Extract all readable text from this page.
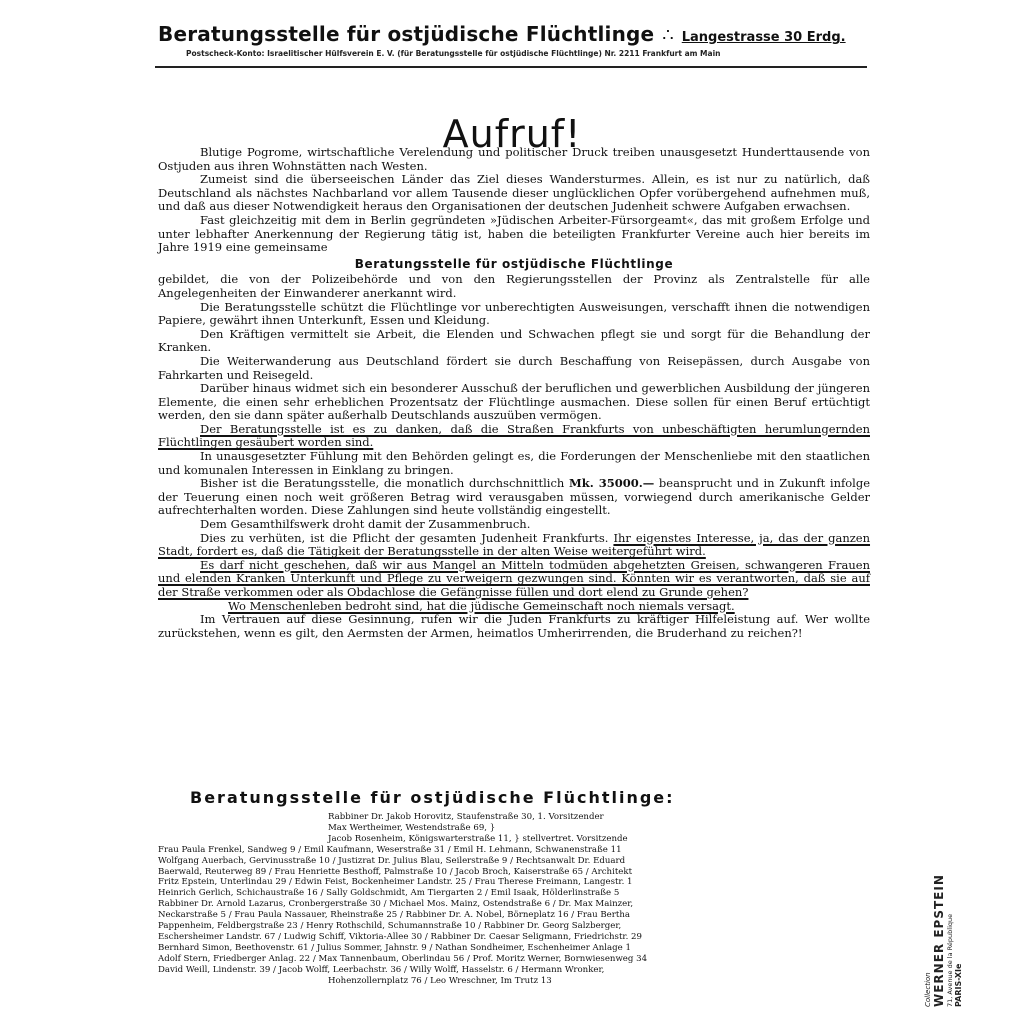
Beratungsstelle für ostjüdische Flüchtlinge ∴ Langestrasse 30 Erdg.
Postscheck-Konto: Israelitischer Hülfsverein E. V. (für Beratungsstelle für ostjüdische Flüchtlinge) Nr. 2211 Frankfurt am Main
Aufruf!

Blutige Pogrome, wirtschaftliche Verelendung und politischer Druck treiben unausgesetzt Hunderttausende von Ostjuden aus ihren Wohnstätten nach Westen.

Zumeist sind die überseeischen Länder das Ziel dieses Wandersturmes. Allein, es ist nur zu natürlich, daß Deutschland als nächstes Nachbarland vor allem Tausende dieser unglücklichen Opfer vorübergehend aufnehmen muß, und daß aus dieser Notwendigkeit heraus den Organisationen der deutschen Judenheit schwere Aufgaben erwachsen.

Fast gleichzeitig mit dem in Berlin gegründeten »Jüdischen Arbeiter-Fürsorgeamt«, das mit großem Erfolge und unter lebhafter Anerkennung der Regierung tätig ist, haben die beteiligten Frankfurter Vereine auch hier bereits im Jahre 1919 eine gemeinsame

Beratungsstelle für ostjüdische Flüchtlinge

gebildet, die von der Polizeibehörde und von den Regierungsstellen der Provinz als Zentralstelle für alle Angelegenheiten der Einwanderer anerkannt wird.

Die Beratungsstelle schützt die Flüchtlinge vor unberechtigten Ausweisungen, verschafft ihnen die notwendigen Papiere, gewährt ihnen Unterkunft, Essen und Kleidung.

Den Kräftigen vermittelt sie Arbeit, die Elenden und Schwachen pflegt sie und sorgt für die Behandlung der Kranken.

Die Weiterwanderung aus Deutschland fördert sie durch Beschaffung von Reisepässen, durch Ausgabe von Fahrkarten und Reisegeld.

Darüber hinaus widmet sich ein besonderer Ausschuß der beruflichen und gewerblichen Ausbildung der jüngeren Elemente, die einen sehr erheblichen Prozentsatz der Flüchtlinge ausmachen. Diese sollen für einen Beruf ertüchtigt werden, den sie dann später außerhalb Deutschlands auszuüben vermögen.

Der Beratungsstelle ist es zu danken, daß die Straßen Frankfurts von unbeschäftigten herumlungernden Flüchtlingen gesäubert worden sind.

In unausgesetzter Fühlung mit den Behörden gelingt es, die Forderungen der Menschenliebe mit den staatlichen und komunalen Interessen in Einklang zu bringen.

Bisher ist die Beratungsstelle, die monatlich durchschnittlich Mk. 35000.— beansprucht und in Zukunft infolge der Teuerung einen noch weit größeren Betrag wird verausgaben müssen, vorwiegend durch amerikanische Gelder aufrechterhalten worden. Diese Zahlungen sind heute vollständig eingestellt.

Dem Gesamthilfswerk droht damit der Zusammenbruch.

Dies zu verhüten, ist die Pflicht der gesamten Judenheit Frankfurts. Ihr eigenstes Interesse, ja, das der ganzen Stadt, fordert es, daß die Tätigkeit der Beratungsstelle in der alten Weise weitergeführt wird.

Es darf nicht geschehen, daß wir aus Mangel an Mitteln todmüden abgehetzten Greisen, schwangeren Frauen und elenden Kranken Unterkunft und Pflege zu verweigern gezwungen sind. Könnten wir es verantworten, daß sie auf der Straße verkommen oder als Obdachlose die Gefängnisse füllen und dort elend zu Grunde gehen?

Wo Menschenleben bedroht sind, hat die jüdische Gemeinschaft noch niemals versagt.

Im Vertrauen auf diese Gesinnung, rufen wir die Juden Frankfurts zu kräftiger Hilfeleistung auf. Wer wollte zurückstehen, wenn es gilt, den Aermsten der Armen, heimatlos Umherirrenden, die Bruderhand zu reichen?!

Beratungsstelle für ostjüdische Flüchtlinge:
Rabbiner Dr. Jakob Horovitz, Staufenstraße 30, 1. Vorsitzender
Max Wertheimer, Westendstraße 69, }
Jacob Rosenheim, Königswarterstraße 11, } stellvertret. Vorsitzende
Frau Paula Frenkel, Sandweg 9 / Emil Kaufmann, Weserstraße 31 / Emil H. Lehmann, Schwanenstraße 11
Wolfgang Auerbach, Gervinusstraße 10 / Justizrat Dr. Julius Blau, Seilerstraße 9 / Rechtsanwalt Dr. Eduard
Baerwald, Reuterweg 89 / Frau Henriette Besthoff, Palmstraße 10 / Jacob Broch, Kaiserstraße 65 / Architekt
Fritz Epstein, Unterlindau 29 / Edwin Feist, Bockenheimer Landstr. 25 / Frau Therese Freimann, Langestr. 1
Heinrich Gerlich, Schichaustraße 16 / Sally Goldschmidt, Am Tiergarten 2 / Emil Isaak, Hölderlinstraße 5
Rabbiner Dr. Arnold Lazarus, Cronbergerstraße 30 / Michael Mos. Mainz, Ostendstraße 6 / Dr. Max Mainzer,
Neckarstraße 5 / Frau Paula Nassauer, Rheinstraße 25 / Rabbiner Dr. A. Nobel, Börneplatz 16 / Frau Bertha
Pappenheim, Feldbergstraße 23 / Henry Rothschild, Schumannstraße 10 / Rabbiner Dr. Georg Salzberger,
Eschersheimer Landstr. 67 / Ludwig Schiff, Viktoria-Allee 30 / Rabbiner Dr. Caesar Seligmann, Friedrichstr. 29
Bernhard Simon, Beethovenstr. 61 / Julius Sommer, Jahnstr. 9 / Nathan Sondheimer, Eschenheimer Anlage 1
Adolf Stern, Friedberger Anlag. 22 / Max Tannenbaum, Oberlindau 56 / Prof. Moritz Werner, Bornwiesenweg 34
David Weill, Lindenstr. 39 / Jacob Wolff, Leerbachstr. 36 / Willy Wolff, Hasselstr. 6 / Hermann Wronker,
Hohenzollernplatz 76 / Leo Wreschner, Im Trutz 13	Collection WERNER EPSTEIN 71, Avenue de la République PARIS-XIe
